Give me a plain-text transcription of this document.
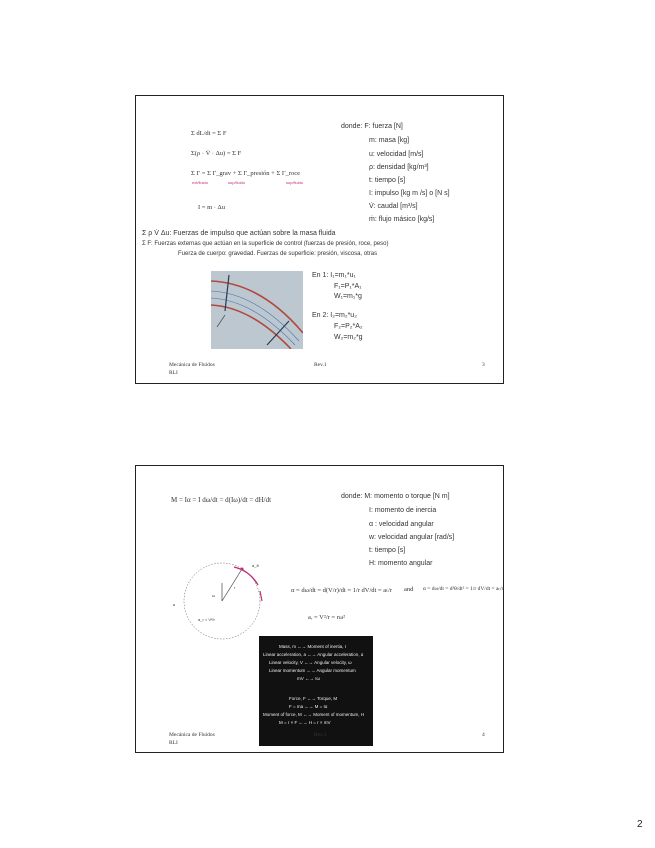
Σ dL/dt = Σ F
Σ(ρ · V̇ · Δu) = Σ F
Σ Γ = Σ Γ_grav + Σ Γ_presión + Σ Γ_roce
ext/fluido	sup/fluido	sup/fluido
I = m · Δu
donde: F: fuerza [N]
m: masa [kg]
u: velocidad [m/s]
ρ: densidad [kg/m³]
t: tiempo [s]
I: impulso [kg m /s] o [N s]
V̇: caudal [m³/s]
ṁ: flujo másico [kg/s]
Σ ρ V̇ Δu: Fuerzas de impulso que actúan sobre la masa fluida
Σ F: Fuerzas externas que actúan en la superficie de control (fuerzas de presión, roce, peso)
Fuerza de cuerpo: gravedad. Fuerzas de superficie: presión, viscosa, otras
En 1: I₁=m₁*u₁
F₁=P₁*A₁
W₁=m₁*g
En 2: I₂=m₂*u₂
F₂=P₂*A₂
W₂=m₂*g
Mecánica de Fluidos
RLI
Rev.1	3
M = Iα = I dω/dt = d(Iω)/dt = dH/dt	donde: M: momento o torque [N m]
I: momento de inercia
α : velocidad angular
w: velocidad angular [rad/s]
t: tiempo [s]
H: momento angular
a_θ
r
ω
a_r = V²/r
α = dω/dt = d(V/r)/dt = 1/r dV/dt = aₜ/r and α = dω/dt = d²θ/dt² = 1/r dV/dt = aₜ/r
aᵣ = V²/r = rω²
Mass, m ←→ Moment of inertia, I
Linear acceleration, a ←→ Angular acceleration, α
Linear velocity, V ←→ Angular velocity, ω
Linear momentum ←→ Angular momentum
mV ←→ Iω
Force, F ←→ Torque, M
F = ma ←→ M = Iα
Moment of force, M ←→ Moment of momentum, H
M = r × F ←→ H = r × mV
Mecánica de Fluidos
RLI
Rev.1	4
2
